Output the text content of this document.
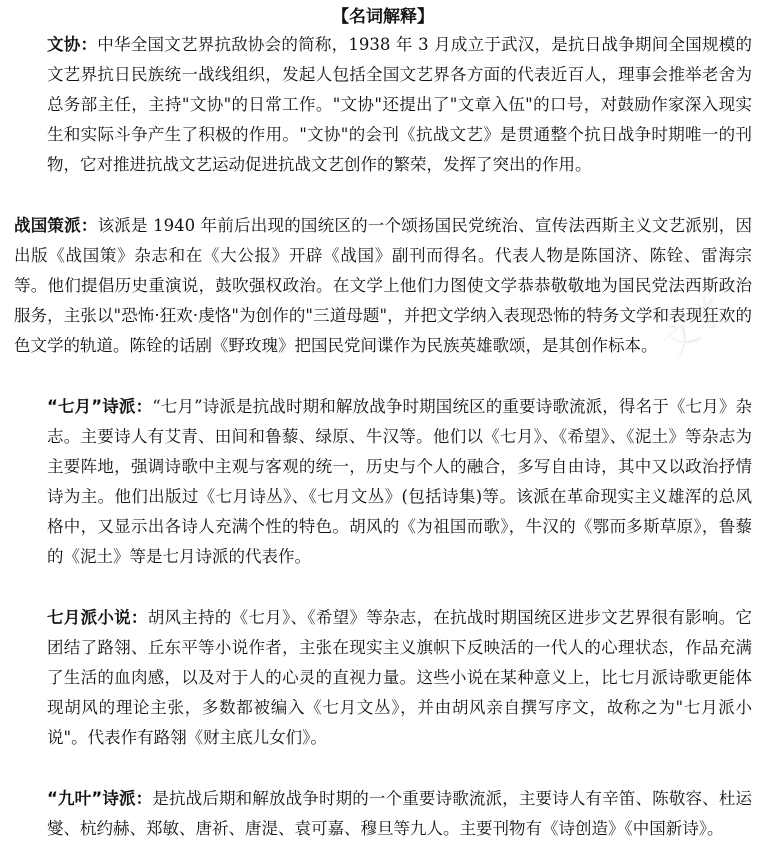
【名词解释】

文协：中华全国文艺界抗敌协会的简称，1938 年 3 月成立于武汉，是抗日战争期间全国规模的文艺界抗日民族统一战线组织，发起人包括全国文艺界各方面的代表近百人，理事会推举老舍为总务部主任，主持"文协"的日常工作。"文协"还提出了"文章入伍"的口号，对鼓励作家深入现实生和实际斗争产生了积极的作用。"文协"的会刊《抗战文艺》是贯通整个抗日战争时期唯一的刊物，它对推进抗战文艺运动促进抗战文艺创作的繁荣，发挥了突出的作用。

战国策派：该派是 1940 年前后出现的国统区的一个颂扬国民党统治、宣传法西斯主义文艺派别，因出版《战国策》杂志和在《大公报》开辟《战国》副刊而得名。代表人物是陈国济、陈铨、雷海宗等。他们提倡历史重演说，鼓吹强权政治。在文学上他们力图使文学恭恭敬敬地为国民党法西斯政治服务，主张以"恐怖·狂欢·虔恪"为创作的"三道母题"，并把文学纳入表现恐怖的特务文学和表现狂欢的色文学的轨道。陈铨的话剧《野玫瑰》把国民党间谍作为民族英雄歌颂，是其创作标本。

“七月”诗派：“七月”诗派是抗战时期和解放战争时期国统区的重要诗歌流派，得名于《七月》杂志。主要诗人有艾青、田间和鲁藜、绿原、牛汉等。他们以《七月》、《希望》、《泥土》等杂志为主要阵地，强调诗歌中主观与客观的统一，历史与个人的融合，多写自由诗，其中又以政治抒情诗为主。他们出版过《七月诗丛》、《七月文丛》(包括诗集)等。该派在革命现实主义雄浑的总风格中，又显示出各诗人充满个性的特色。胡风的《为祖国而歌》，牛汉的《鄂而多斯草原》，鲁藜的《泥土》等是七月诗派的代表作。

七月派小说：胡风主持的《七月》、《希望》等杂志，在抗战时期国统区进步文艺界很有影响。它团结了路翎、丘东平等小说作者，主张在现实主义旗帜下反映活的一代人的心理状态，作品充满了生活的血肉感，以及对于人的心灵的直视力量。这些小说在某种意义上，比七月派诗歌更能体现胡风的理论主张，多数都被编入《七月文丛》，并由胡风亲自撰写序文，故称之为"七月派小说"。代表作有路翎《财主底儿女们》。

“九叶”诗派：是抗战后期和解放战争时期的一个重要诗歌流派，主要诗人有辛笛、陈敬容、杜运燮、杭约赫、郑敏、唐祈、唐湜、袁可嘉、穆旦等九人。主要刊物有《诗创造》《中国新诗》。

文学
